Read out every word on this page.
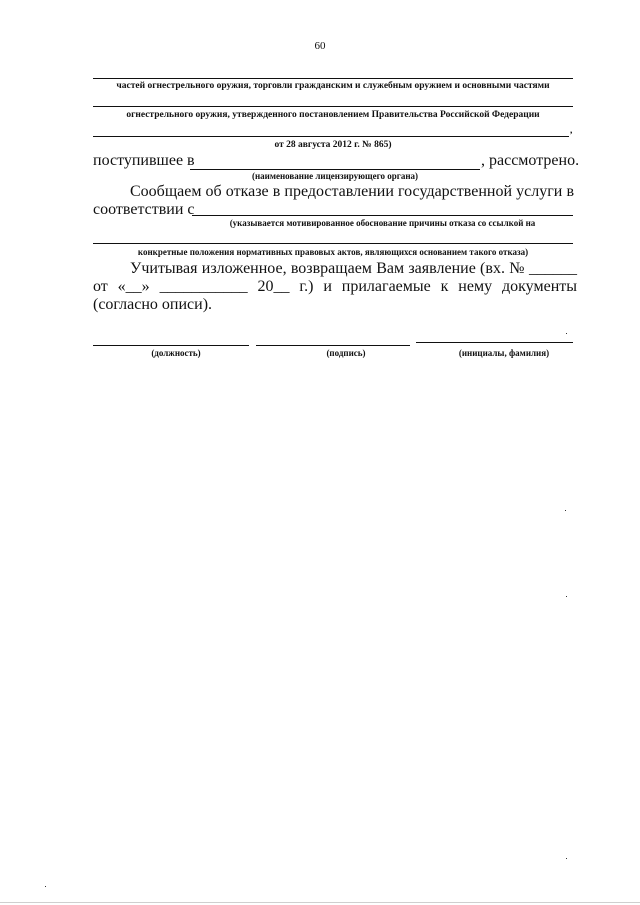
60
частей огнестрельного оружия, торговли гражданским и служебным оружием и основными частями
огнестрельного оружия, утвержденного постановлением Правительства Российской Федерации
,
от 28 августа 2012 г. № 865)
поступившее в	, рассмотрено.
(наименование лицензирующего органа)
Сообщаем об отказе в предоставлении государственной услуги в
соответствии с
(указывается мотивированное обоснование причины отказа со ссылкой на
конкретные положения нормативных правовых актов, являющихся основанием такого отказа)
Учитывая изложенное, возвращаем Вам заявление (вх. № ______
от «__» ___________ 20__ г.) и прилагаемые к нему документы
(согласно описи).
(должность)	(подпись)	(инициалы, фамилия)
